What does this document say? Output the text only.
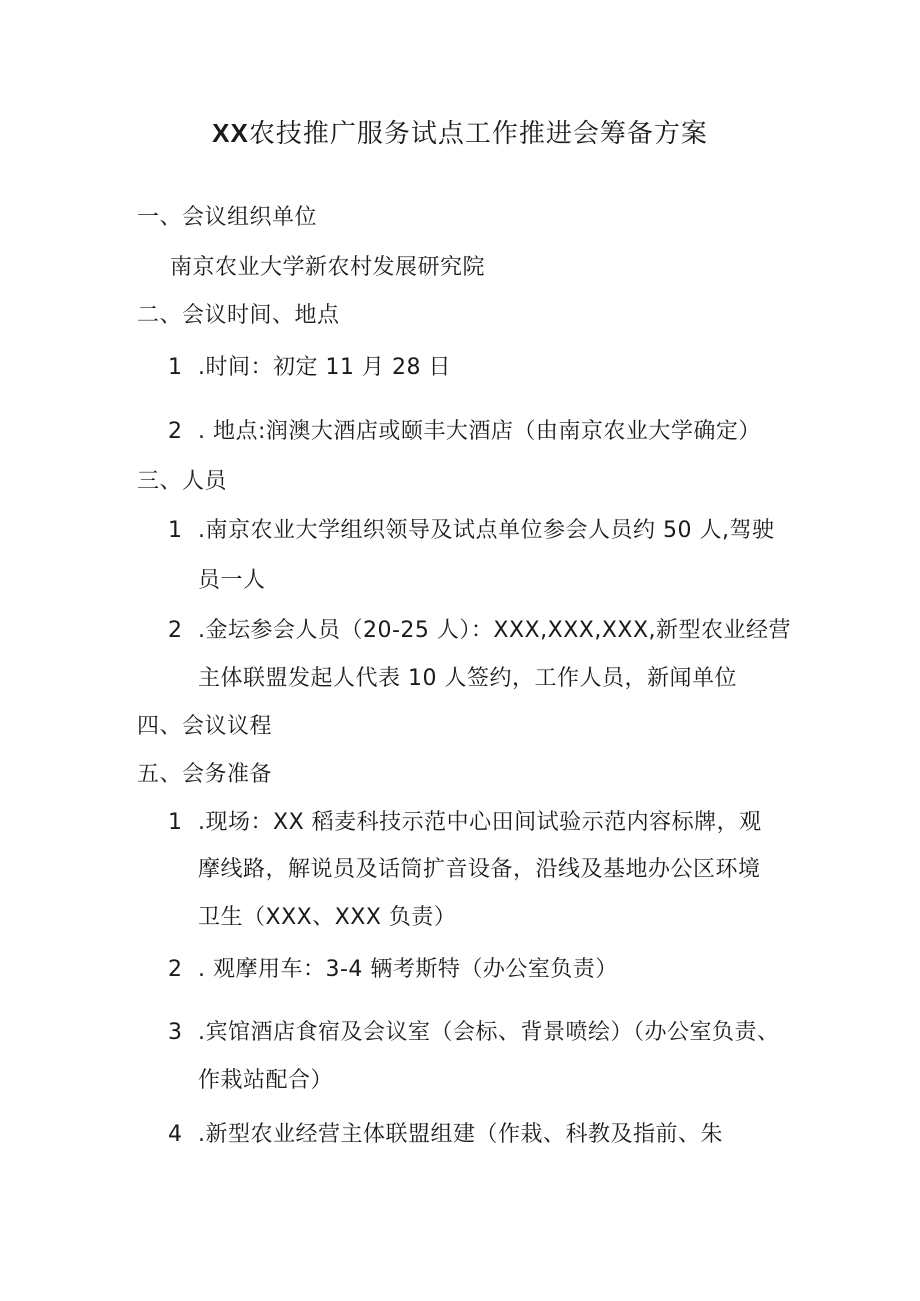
XX农技推广服务试点工作推进会筹备方案
一、会议组织单位
南京农业大学新农村发展研究院
二、会议时间、地点
1 .时间：初定 11 月 28 日
2 . 地点:润澳大酒店或颐丰大酒店（由南京农业大学确定）
三、人员
1 .南京农业大学组织领导及试点单位参会人员约 50 人,驾驶
员一人
2 .金坛参会人员（20-25 人）：XXX,XXX,XXX,新型农业经营
主体联盟发起人代表 10 人签约，工作人员，新闻单位
四、会议议程
五、会务准备
1 .现场：XX 稻麦科技示范中心田间试验示范内容标牌，观
摩线路，解说员及话筒扩音设备，沿线及基地办公区环境
卫生（XXX、XXX 负责）
2 . 观摩用车：3-4 辆考斯特（办公室负责）
3 .宾馆酒店食宿及会议室（会标、背景喷绘）（办公室负责、
作栽站配合）
4 .新型农业经营主体联盟组建（作栽、科教及指前、朱
